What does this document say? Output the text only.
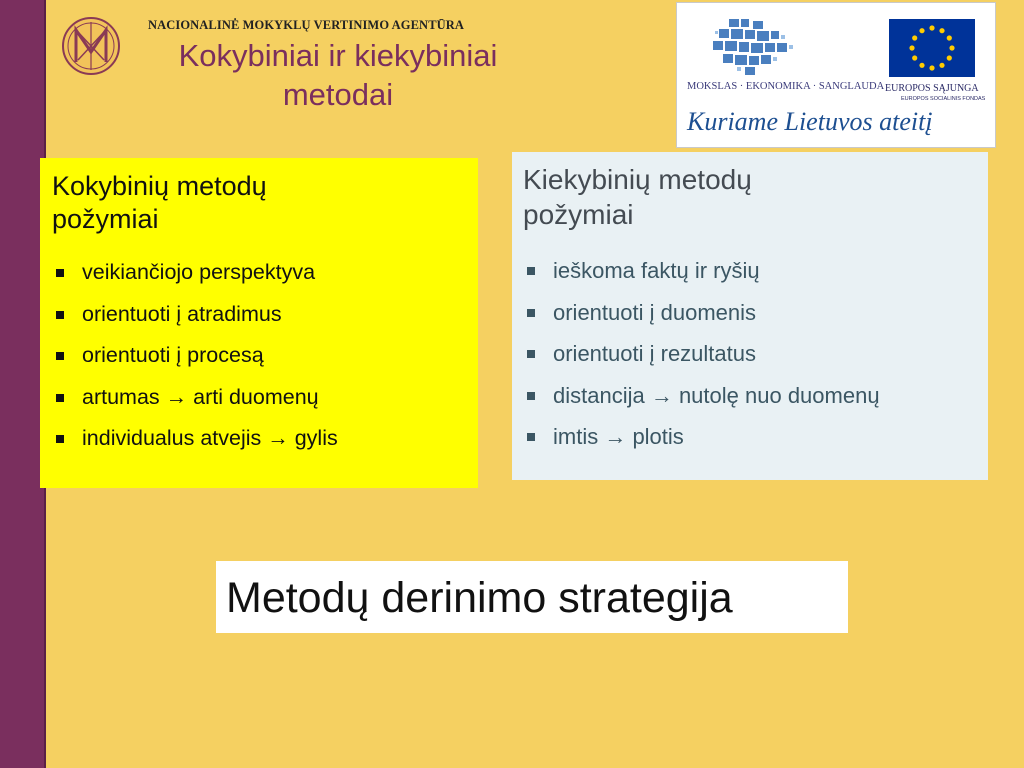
NACIONALINĖ MOKYKLŲ VERTINIMO AGENTŪRA
Kokybiniai ir kiekybiniai
metodai	MOKSLAS · EKONOMIKA · SANGLAUDA EUROPOS SĄJUNGA
EUROPOS SOCIALINIS FONDAS
Kuriame Lietuvos ateitį
Kokybinių metodų
požymiai
veikiančiojo perspektyva
orientuoti į atradimus
orientuoti į procesą
artumas → arti duomenų
individualus atvejis → gylis
Kiekybinių metodų
požymiai
ieškoma faktų ir ryšių
orientuoti į duomenis
orientuoti į rezultatus
distancija → nutolę nuo duomenų
imtis → plotis
Metodų derinimo strategija
